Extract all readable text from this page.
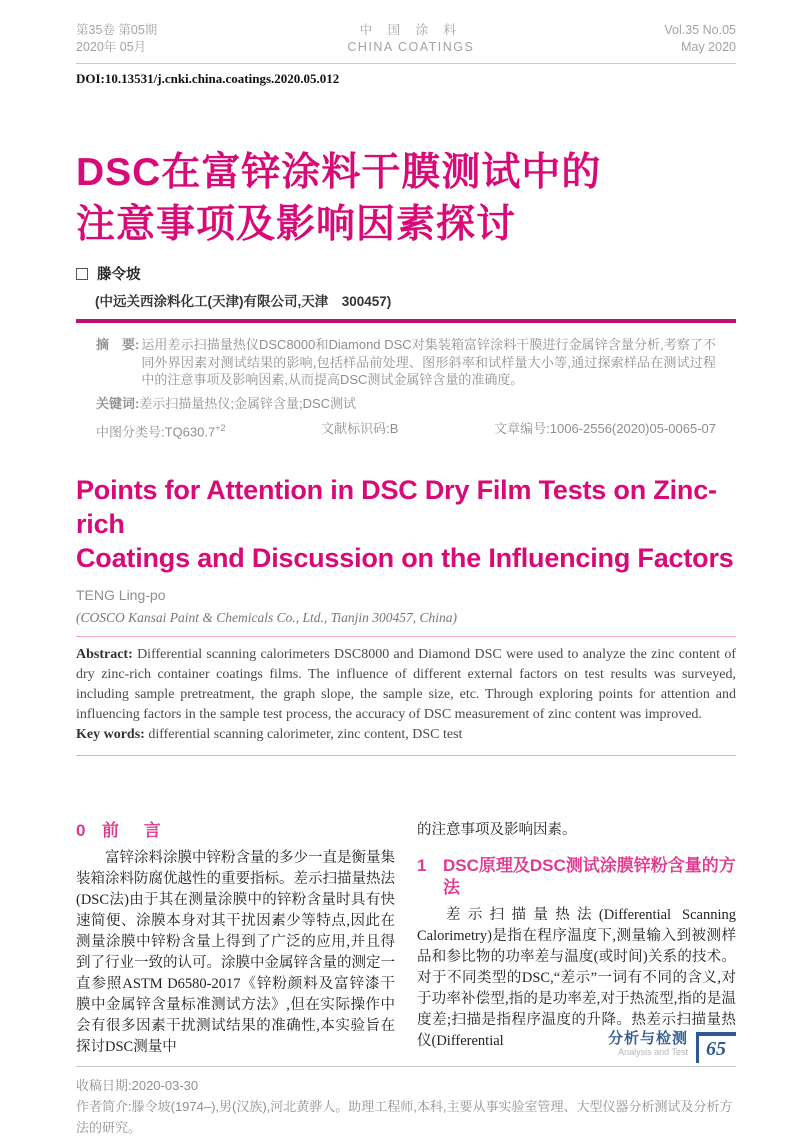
第35卷 第05期
2020年 05月
中 国 涂 料
CHINA COATINGS
Vol.35 No.05
May 2020
DOI:10.13531/j.cnki.china.coatings.2020.05.012
DSC在富锌涂料干膜测试中的
注意事项及影响因素探讨
滕令坡
(中远关西涂料化工(天津)有限公司,天津　300457)
摘 要: 运用差示扫描量热仪DSC8000和Diamond DSC对集装箱富锌涂料干膜进行金属锌含量分析,考察了不同外界因素对测试结果的影响,包括样品前处理、图形斜率和试样量大小等,通过探索样品在测试过程中的注意事项及影响因素,从而提高DSC测试金属锌含量的准确度。
关键词:差示扫描量热仪;金属锌含量;DSC测试
中图分类号$:TQ630.7^{+2}$	文献标识码:B	文章编号:1006-2556(2020)05-0065-07
Points for Attention in DSC Dry Film Tests on Zinc-rich
Coatings and Discussion on the Influencing Factors
TENG Ling-po
(COSCO Kansai Paint & Chemicals Co., Ltd., Tianjin 300457, China)
Abstract: Differential scanning calorimeters DSC8000 and Diamond DSC were used to analyze the zinc content of dry zinc-rich container coatings films. The influence of different external factors on test results was surveyed, including sample pretreatment, the graph slope, the sample size, etc. Through exploring points for attention and influencing factors in the sample test process, the accuracy of DSC measurement of zinc content was improved.
Key words: differential scanning calorimeter, zinc content, DSC test
0 前 言

富锌涂料涂膜中锌粉含量的多少一直是衡量集装箱涂料防腐优越性的重要指标。差示扫描量热法(DSC法)由于其在测量涂膜中的锌粉含量时具有快速简便、涂膜本身对其干扰因素少等特点,因此在测量涂膜中锌粉含量上得到了广泛的应用,并且得到了行业一致的认可。涂膜中金属锌含量的测定一直参照ASTM D6580-2017《锌粉颜料及富锌漆干膜中金属锌含量标准测试方法》,但在实际操作中会有很多因素干扰测试结果的准确性,本实验旨在探讨DSC测量中

的注意事项及影响因素。

1 DSC原理及DSC测试涂膜锌粉含量的方法

差示扫描量热法(Differential Scanning Calorimetry)是指在程序温度下,测量输入到被测样品和参比物的功率差与温度(或时间)关系的技术。对于不同类型的DSC,“差示”一词有不同的含义,对于功率补偿型,指的是功率差,对于热流型,指的是温度差;扫描是指程序温度的升降。热差示扫描量热仪(Differential

收稿日期:2020-03-30
作者简介:滕令坡(1974–),男(汉族),河北黄骅人。助理工程师,本科,主要从事实验室管理、大型仪器分析测试及分析方法的研究。
分析与检测
Analysis and Test 65
